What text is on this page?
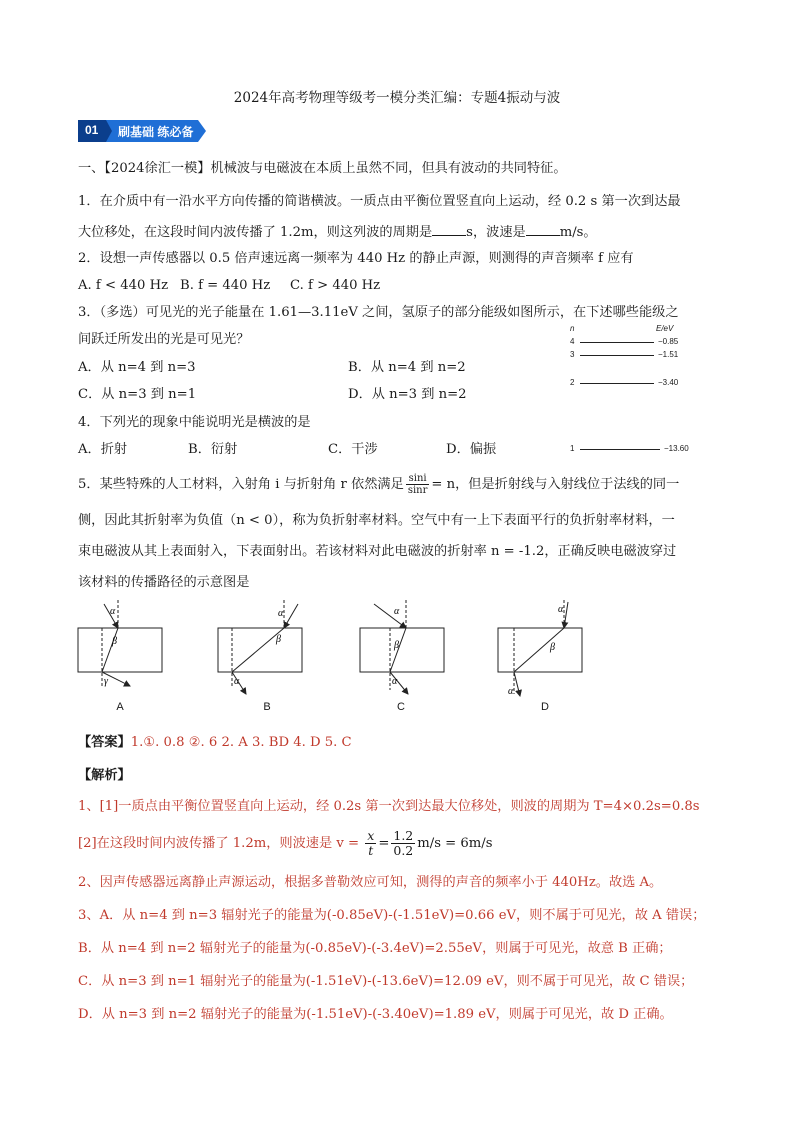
2024年高考物理等级考一模分类汇编：专题4振动与波
01 刷基础 练必备
一、【2024徐汇一模】机械波与电磁波在本质上虽然不同，但具有波动的共同特征。
1．在介质中有一沿水平方向传播的简谐横波。一质点由平衡位置竖直向上运动，经 0.2 s 第一次到达最
大位移处，在这段时间内波传播了 1.2m，则这列波的周期是	s，波速是	m/s。
2．设想一声传感器以 0.5 倍声速远离一频率为 440 Hz 的静止声源，则测得的声音频率 f 应有
A. f < 440 Hz B. f = 440 Hz C. f > 440 Hz
3．（多选）可见光的光子能量在 1.61—3.11eV 之间，氢原子的部分能级如图所示，在下述哪些能级之
间跃迁所发出的光是可见光？
A．从 n=4 到 n=3	B．从 n=4 到 n=2
C．从 n=3 到 n=1	D．从 n=3 到 n=2
n	E/eV
4	−0.85
3	−1.51
2	−3.40
1	−13.60
4．下列光的现象中能说明光是横波的是
A．折射	B．衍射	C．干涉	D．偏振
5．某些特殊的人工材料，入射角 i 与折射角 r 依然满足 $\frac{\sin i}{\sin r} = n$，但是折射线与入射线位于法线的同一
侧，因此其折射率为负值（n < 0），称为负折射率材料。空气中有一上下表面平行的负折射率材料，一
束电磁波从其上表面射入，下表面射出。若该材料对此电磁波的折射率 n = -1.2，正确反映电磁波穿过
该材料的传播路径的示意图是
α
β
γ
α
β
α
α
β
α
α
β
α
A	B	C	D
【答案】1.①. 0.8 ②. 6 2. A 3. BD 4. D 5. C
【解析】
1、[1]一质点由平衡位置竖直向上运动，经 0.2s 第一次到达最大位移处，则波的周期为 T=4×0.2s=0.8s
[2]在这段时间内波传播了 1.2m，则波速是 $v = \frac{x}{t} = \frac{1.2}{0.2} m/s = 6m/s$
2、因声传感器远离静止声源运动，根据多普勒效应可知，测得的声音的频率小于 440Hz。故选 A。
3、A．从 n=4 到 n=3 辐射光子的能量为(-0.85eV)-(-1.51eV)=0.66 eV，则不属于可见光，故 A 错误；
B．从 n=4 到 n=2 辐射光子的能量为(-0.85eV)-(-3.4eV)=2.55eV，则属于可见光，故意 B 正确；
C．从 n=3 到 n=1 辐射光子的能量为(-1.51eV)-(-13.6eV)=12.09 eV，则不属于可见光，故 C 错误；
D．从 n=3 到 n=2 辐射光子的能量为(-1.51eV)-(-3.40eV)=1.89 eV，则属于可见光，故 D 正确。
